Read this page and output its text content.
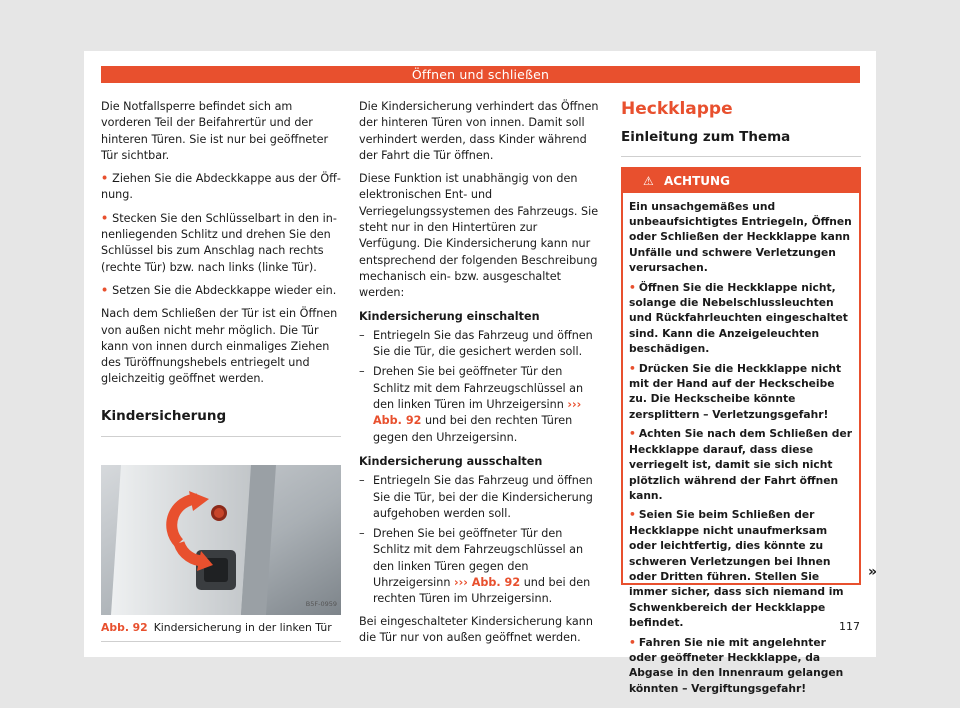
Öffnen und schließen

Die Notfallsperre befindet sich am vorderen Teil der Beifahrertür und der hinteren Türen. Sie ist nur bei geöffneter Tür sichtbar.

• Ziehen Sie die Abdeckkappe aus der Öffnung.

• Stecken Sie den Schlüsselbart in den innenliegenden Schlitz und drehen Sie den Schlüssel bis zum Anschlag nach rechts (rechte Tür) bzw. nach links (linke Tür).

• Setzen Sie die Abdeckkappe wieder ein.

Nach dem Schließen der Tür ist ein Öffnen von außen nicht mehr möglich. Die Tür kann von innen durch einmaliges Ziehen des Türöffnungshebels entriegelt und gleichzeitig geöffnet werden.

Kindersicherung
B5F-0959
Abb. 92 Kindersicherung in der linken Tür

Die Kindersicherung verhindert das Öffnen der hinteren Türen von innen. Damit soll verhindert werden, dass Kinder während der Fahrt die Tür öffnen.

Diese Funktion ist unabhängig von den elektronischen Ent- und Verriegelungssystemen des Fahrzeugs. Sie steht nur in den Hintertüren zur Verfügung. Die Kindersicherung kann nur entsprechend der folgenden Beschreibung mechanisch ein- bzw. ausgeschaltet werden:

Kindersicherung einschalten
– Entriegeln Sie das Fahrzeug und öffnen Sie die Tür, die gesichert werden soll.
– Drehen Sie bei geöffneter Tür den Schlitz mit dem Fahrzeugschlüssel an den linken Türen im Uhrzeigersinn ››› Abb. 92 und bei den rechten Türen gegen den Uhrzeigersinn.
Kindersicherung ausschalten
– Entriegeln Sie das Fahrzeug und öffnen Sie die Tür, bei der die Kindersicherung aufgehoben werden soll.
– Drehen Sie bei geöffneter Tür den Schlitz mit dem Fahrzeugschlüssel an den linken Türen gegen den Uhrzeigersinn ››› Abb. 92 und bei den rechten Türen im Uhrzeigersinn.

Bei eingeschalteter Kindersicherung kann die Tür nur von außen geöffnet werden.

Heckklappe
Einleitung zum Thema
⚠ ACHTUNG

Ein unsachgemäßes und unbeaufsichtigtes Entriegeln, Öffnen oder Schließen der Heckklappe kann Unfälle und schwere Verletzungen verursachen.

• Öffnen Sie die Heckklappe nicht, solange die Nebelschlussleuchten und Rückfahrleuchten eingeschaltet sind. Kann die Anzeigeleuchten beschädigen.

• Drücken Sie die Heckklappe nicht mit der Hand auf der Heckscheibe zu. Die Heckscheibe könnte zersplittern – Verletzungsgefahr!

• Achten Sie nach dem Schließen der Heckklappe darauf, dass diese verriegelt ist, damit sie sich nicht plötzlich während der Fahrt öffnen kann.

• Seien Sie beim Schließen der Heckklappe nicht unaufmerksam oder leichtfertig, dies könnte zu schweren Verletzungen bei Ihnen oder Dritten führen. Stellen Sie immer sicher, dass sich niemand im Schwenkbereich der Heckklappe befindet.

• Fahren Sie nie mit angelehnter oder geöffneter Heckklappe, da Abgase in den Innenraum gelangen könnten – Vergiftungsgefahr!

»
117
